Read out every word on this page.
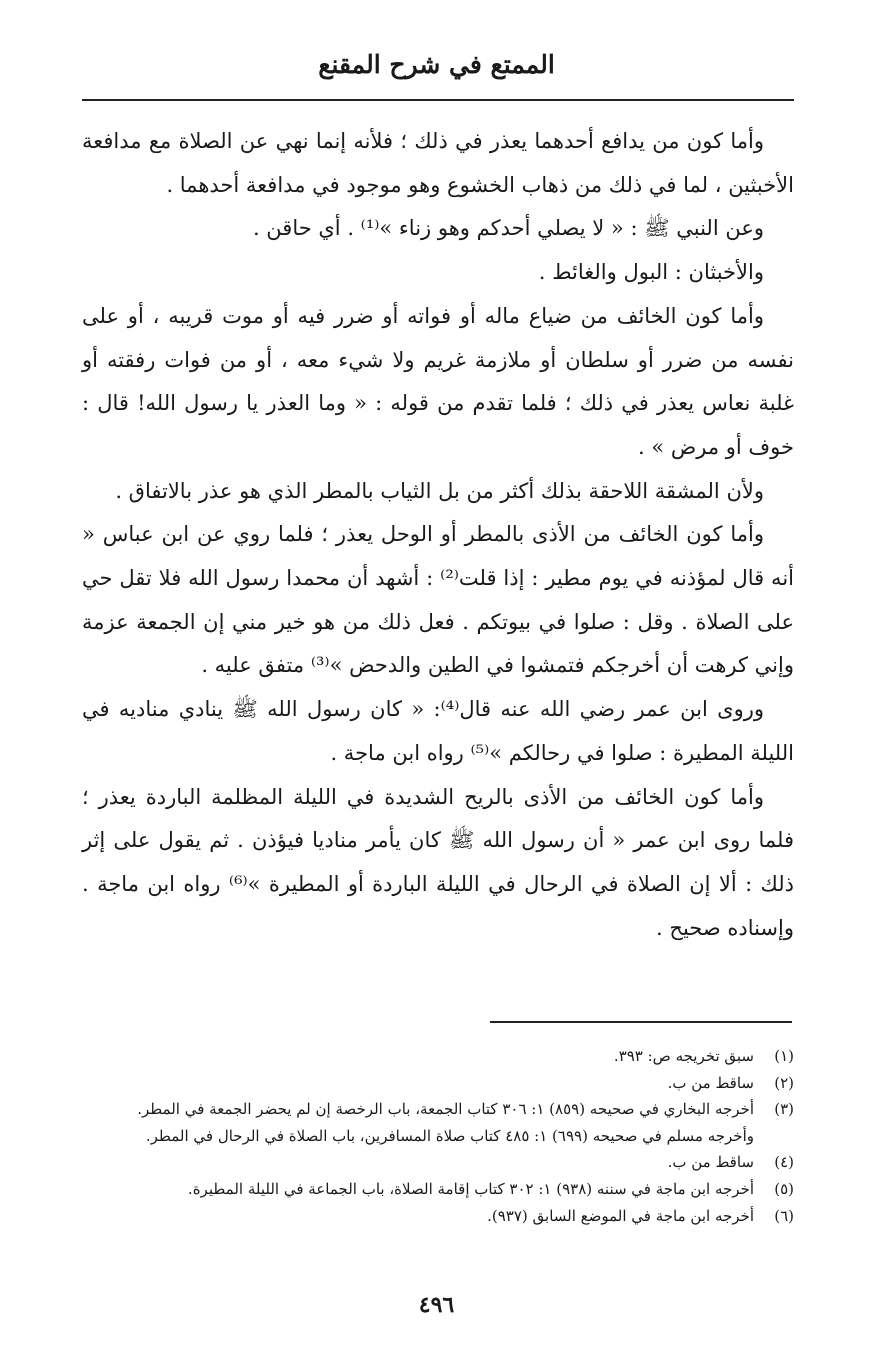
الممتع في شرح المقنع

وأما كون من يدافع أحدهما يعذر في ذلك ؛ فلأنه إنما نهي عن الصلاة مع مدافعة الأخبثين ، لما في ذلك من ذهاب الخشوع وهو موجود في مدافعة أحدهما .

وعن النبي ﷺ : « لا يصلي أحدكم وهو زناء »⁽¹⁾ . أي حاقن .

والأخبثان : البول والغائط .

وأما كون الخائف من ضياع ماله أو فواته أو ضرر فيه أو موت قريبه ، أو على نفسه من ضرر أو سلطان أو ملازمة غريم ولا شيء معه ، أو من فوات رفقته أو غلبة نعاس يعذر في ذلك ؛ فلما تقدم من قوله : « وما العذر يا رسول الله! قال : خوف أو مرض » .

ولأن المشقة اللاحقة بذلك أكثر من بل الثياب بالمطر الذي هو عذر بالاتفاق .

وأما كون الخائف من الأذى بالمطر أو الوحل يعذر ؛ فلما روي عن ابن عباس « أنه قال لمؤذنه في يوم مطير : إذا قلت⁽²⁾ : أشهد أن محمدا رسول الله فلا تقل حي على الصلاة . وقل : صلوا في بيوتكم . فعل ذلك من هو خير مني إن الجمعة عزمة وإني كرهت أن أخرجكم فتمشوا في الطين والدحض »⁽³⁾ متفق عليه .

وروى ابن عمر رضي الله عنه قال⁽⁴⁾: « كان رسول الله ﷺ ينادي مناديه في الليلة المطيرة : صلوا في رحالكم »⁽⁵⁾ رواه ابن ماجة .

وأما كون الخائف من الأذى بالريح الشديدة في الليلة المظلمة الباردة يعذر ؛ فلما روى ابن عمر « أن رسول الله ﷺ كان يأمر مناديا فيؤذن . ثم يقول على إثر ذلك : ألا إن الصلاة في الرحال في الليلة الباردة أو المطيرة »⁽⁶⁾ رواه ابن ماجة . وإسناده صحيح .

(١)
سبق تخريجه ص: ٣٩٣.
(٢)
ساقط من ب.
(٣)
أخرجه البخاري في صحيحه (٨٥٩) ١: ٣٠٦ كتاب الجمعة، باب الرخصة إن لم يحضر الجمعة في المطر.
وأخرجه مسلم في صحيحه (٦٩٩) ١: ٤٨٥ كتاب صلاة المسافرين، باب الصلاة في الرحال في المطر.
(٤)
ساقط من ب.
(٥)
أخرجه ابن ماجة في سننه (٩٣٨) ١: ٣٠٢ كتاب إقامة الصلاة، باب الجماعة في الليلة المطيرة.
(٦)
أخرجه ابن ماجة في الموضع السابق (٩٣٧).
٤٩٦
